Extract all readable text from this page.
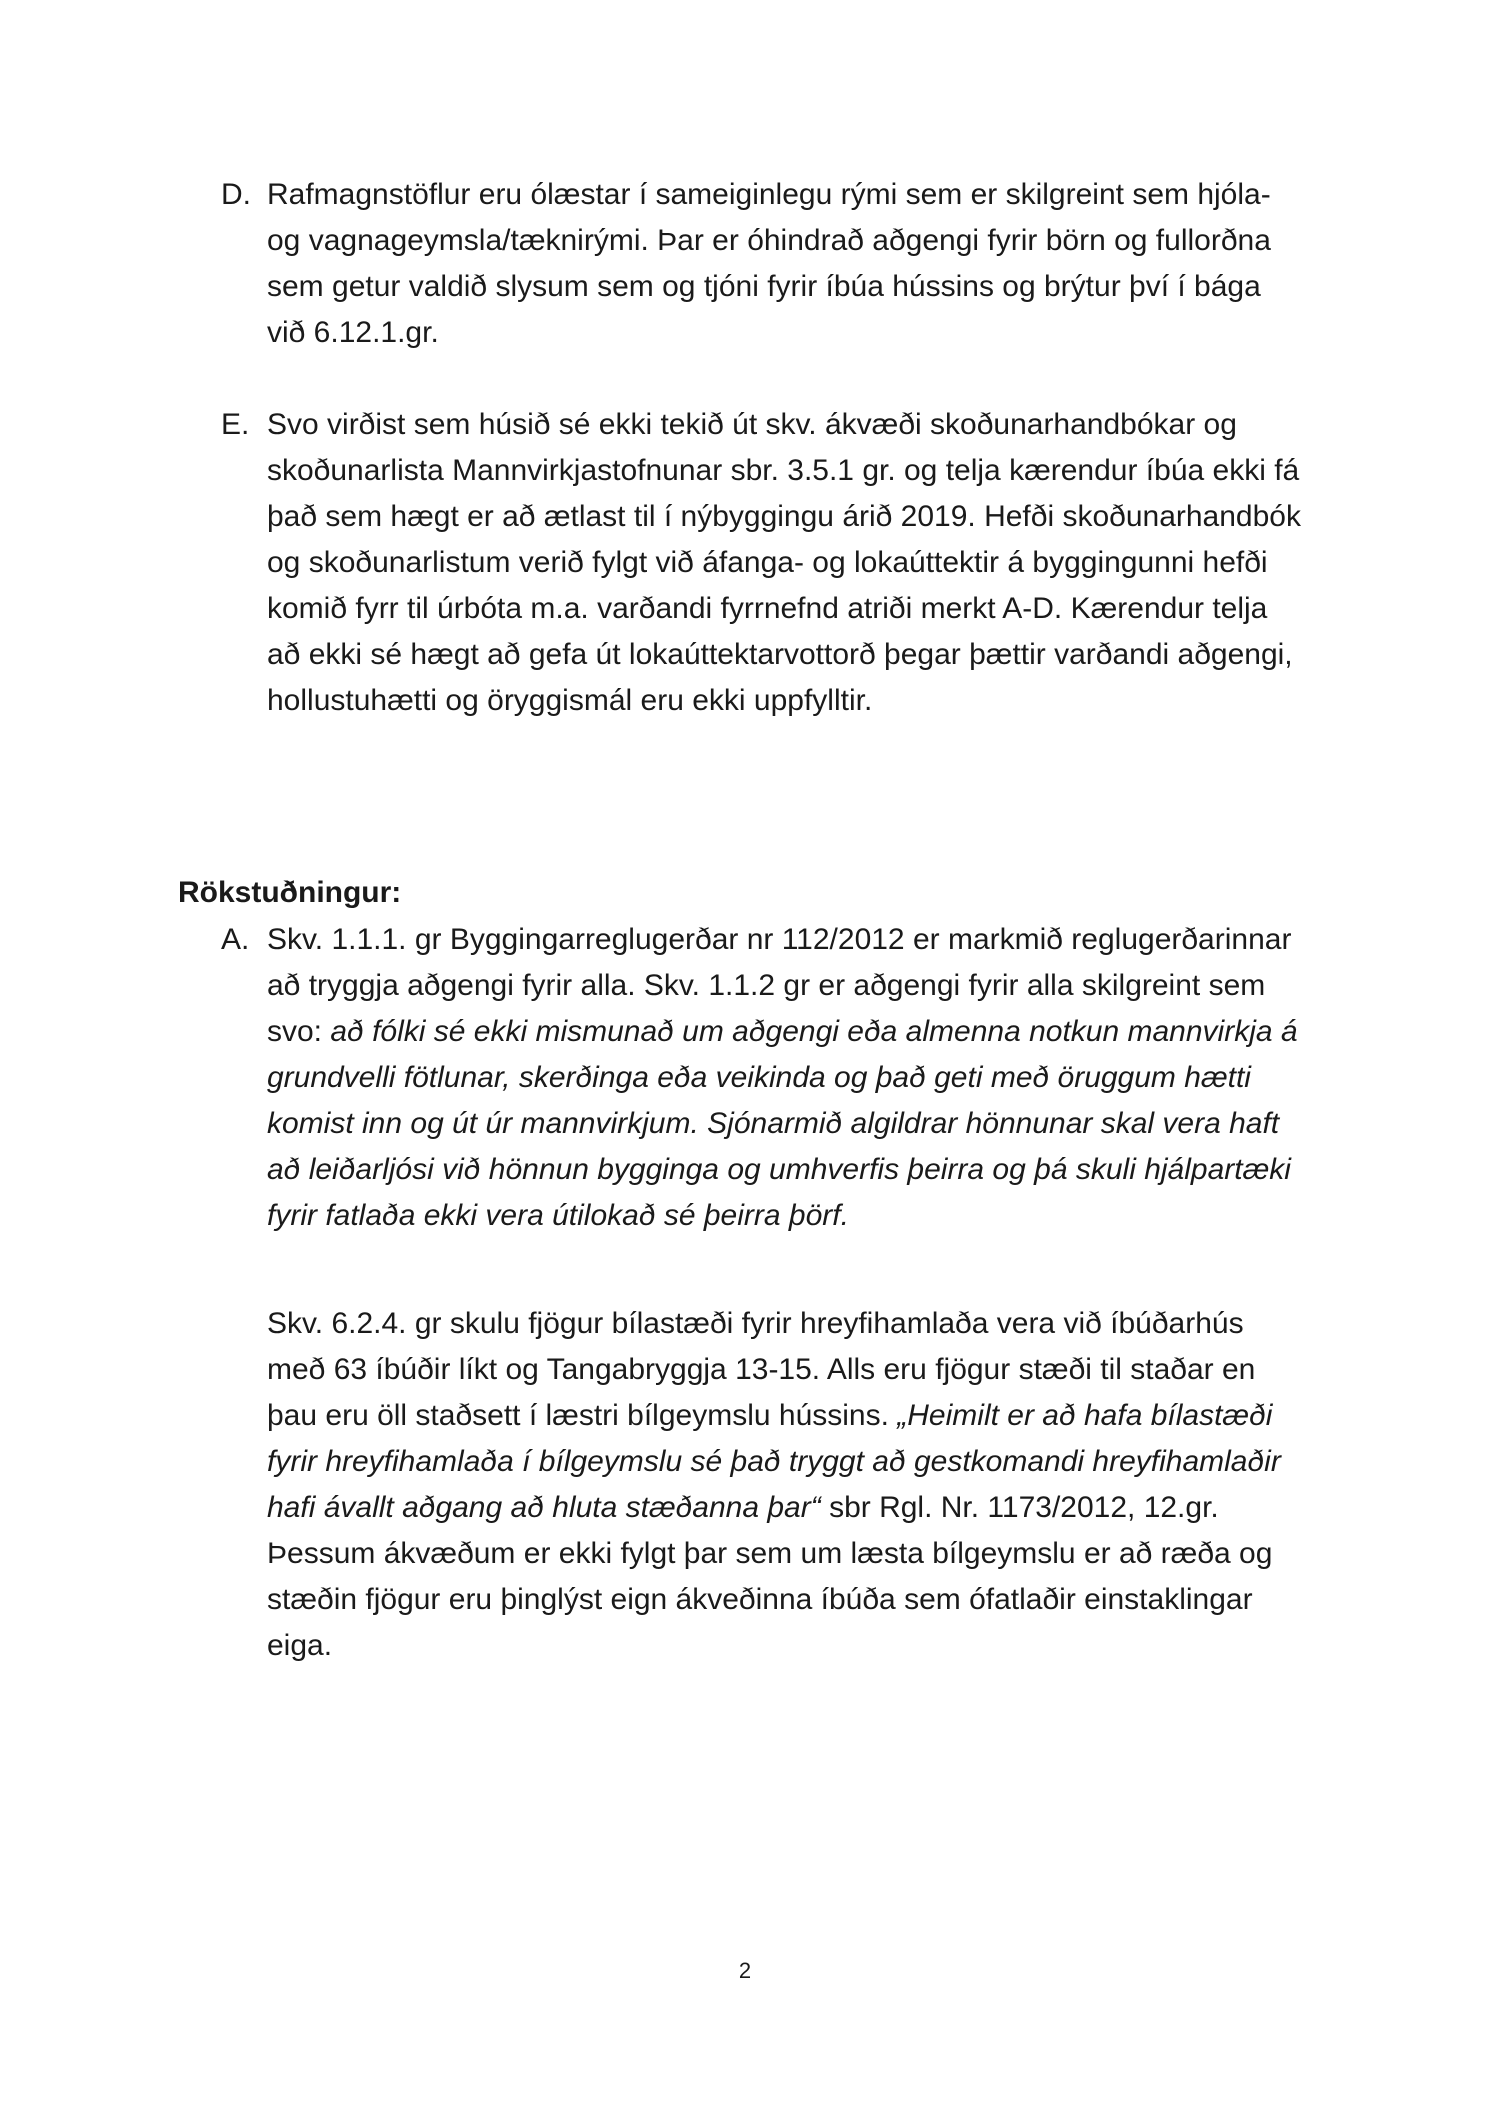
D. Rafmagnstöflur eru ólæstar í sameiginlegu rými sem er skilgreint sem hjóla- og vagnageymsla/tæknirými. Þar er óhindrað aðgengi fyrir börn og fullorðna sem getur valdið slysum sem og tjóni fyrir íbúa hússins og brýtur því í bága við 6.12.1.gr.

E. Svo virðist sem húsið sé ekki tekið út skv. ákvæði skoðunarhandbókar og skoðunarlista Mannvirkjastofnunar sbr. 3.5.1 gr. og telja kærendur íbúa ekki fá það sem hægt er að ætlast til í nýbyggingu árið 2019. Hefði skoðunarhandbók og skoðunarlistum verið fylgt við áfanga- og lokaúttektir á byggingunni hefði komið fyrr til úrbóta m.a. varðandi fyrrnefnd atriði merkt A-D. Kærendur telja að ekki sé hægt að gefa út lokaúttektarvottorð þegar þættir varðandi aðgengi, hollustuhætti og öryggismál eru ekki uppfylltir.

Rökstuðningur:
A. Skv. 1.1.1. gr Byggingarreglugerðar nr 112/2012 er markmið reglugerðarinnar að tryggja aðgengi fyrir alla. Skv. 1.1.2 gr er aðgengi fyrir alla skilgreint sem svo: að fólki sé ekki mismunað um aðgengi eða almenna notkun mannvirkja á grundvelli fötlunar, skerðinga eða veikinda og það geti með öruggum hætti komist inn og út úr mannvirkjum. Sjónarmið algildrar hönnunar skal vera haft að leiðarljósi við hönnun bygginga og umhverfis þeirra og þá skuli hjálpartæki fyrir fatlaða ekki vera útilokað sé þeirra þörf.

Skv. 6.2.4. gr skulu fjögur bílastæði fyrir hreyfihamlaða vera við íbúðarhús með 63 íbúðir líkt og Tangabryggja 13-15. Alls eru fjögur stæði til staðar en þau eru öll staðsett í læstri bílgeymslu hússins. „Heimilt er að hafa bílastæði fyrir hreyfihamlaða í bílgeymslu sé það tryggt að gestkomandi hreyfihamlaðir hafi ávallt aðgang að hluta stæðanna þar“ sbr Rgl. Nr. 1173/2012, 12.gr. Þessum ákvæðum er ekki fylgt þar sem um læsta bílgeymslu er að ræða og stæðin fjögur eru þinglýst eign ákveðinna íbúða sem ófatlaðir einstaklingar eiga.

2
